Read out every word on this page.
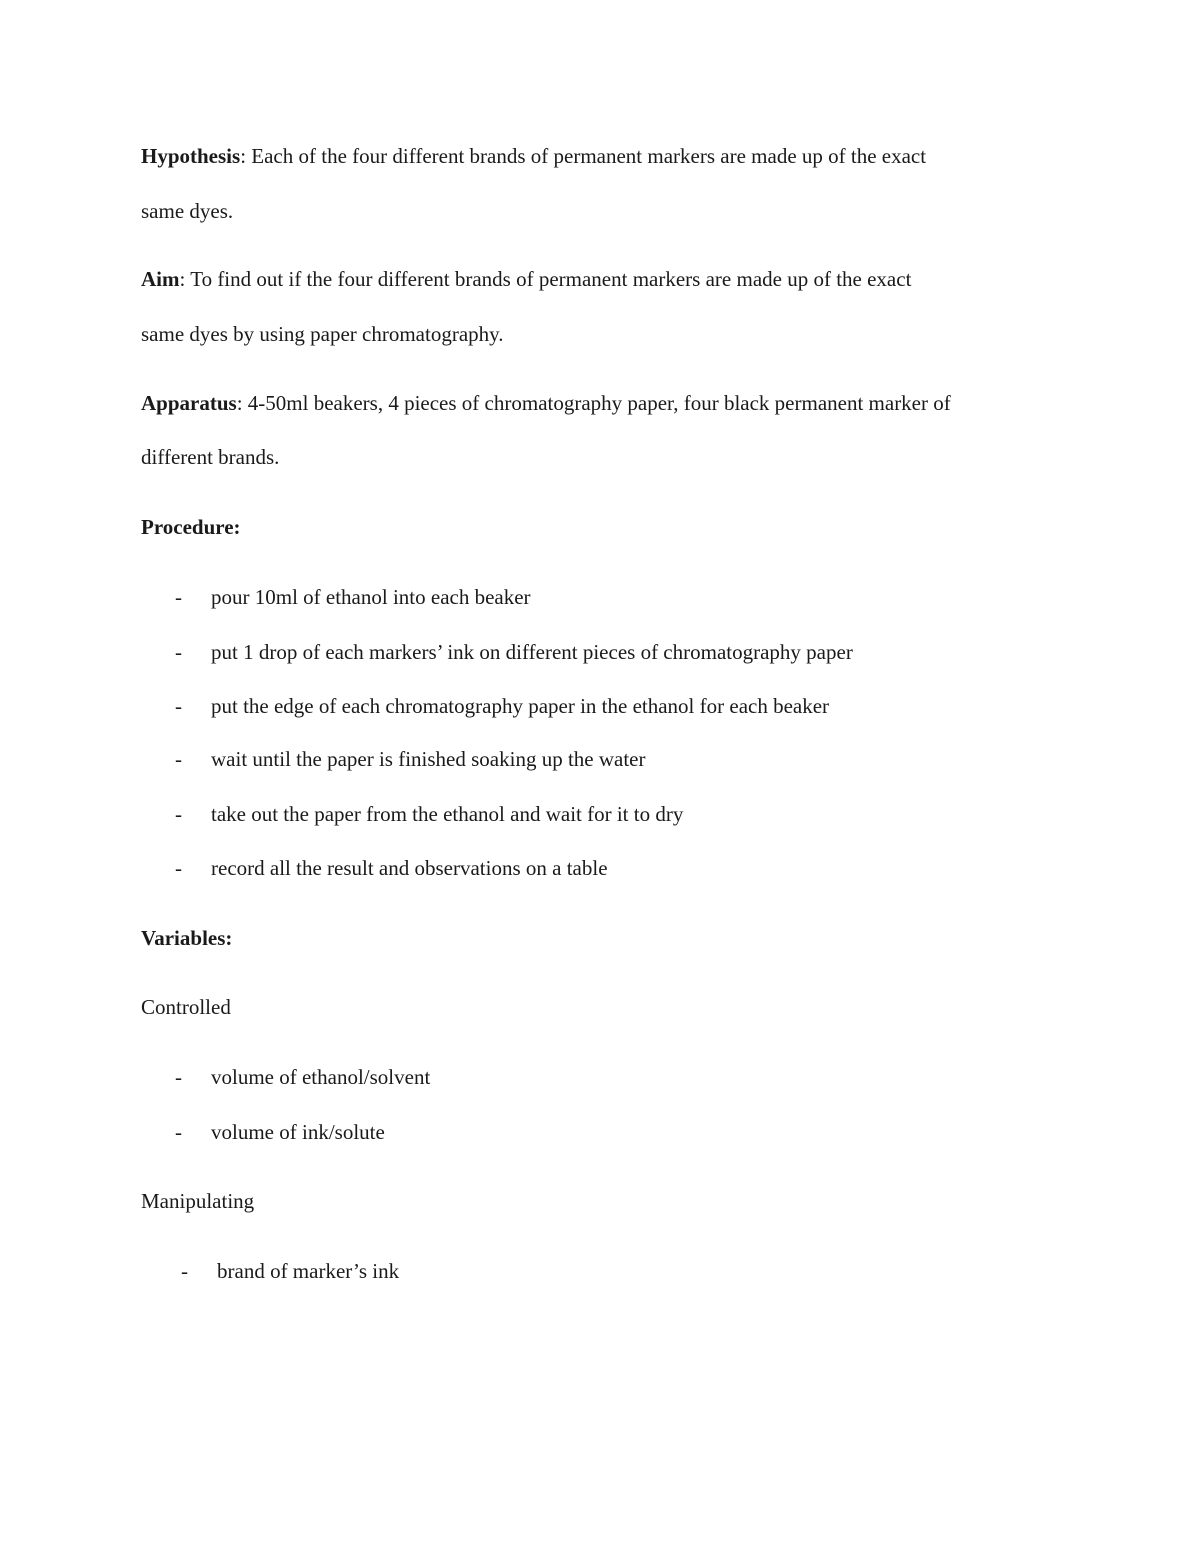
Hypothesis: Each of the four different brands of permanent markers are made up of the exact
same dyes.
Aim: To find out if the four different brands of permanent markers are made up of the exact
same dyes by using paper chromatography.
Apparatus: 4-50ml beakers, 4 pieces of chromatography paper, four black permanent marker of
different brands.
Procedure:
- pour 10ml of ethanol into each beaker
- put 1 drop of each markers’ ink on different pieces of chromatography paper
- put the edge of each chromatography paper in the ethanol for each beaker
- wait until the paper is finished soaking up the water
- take out the paper from the ethanol and wait for it to dry
- record all the result and observations on a table
Variables:
Controlled
- volume of ethanol/solvent
- volume of ink/solute
Manipulating
- brand of marker’s ink
